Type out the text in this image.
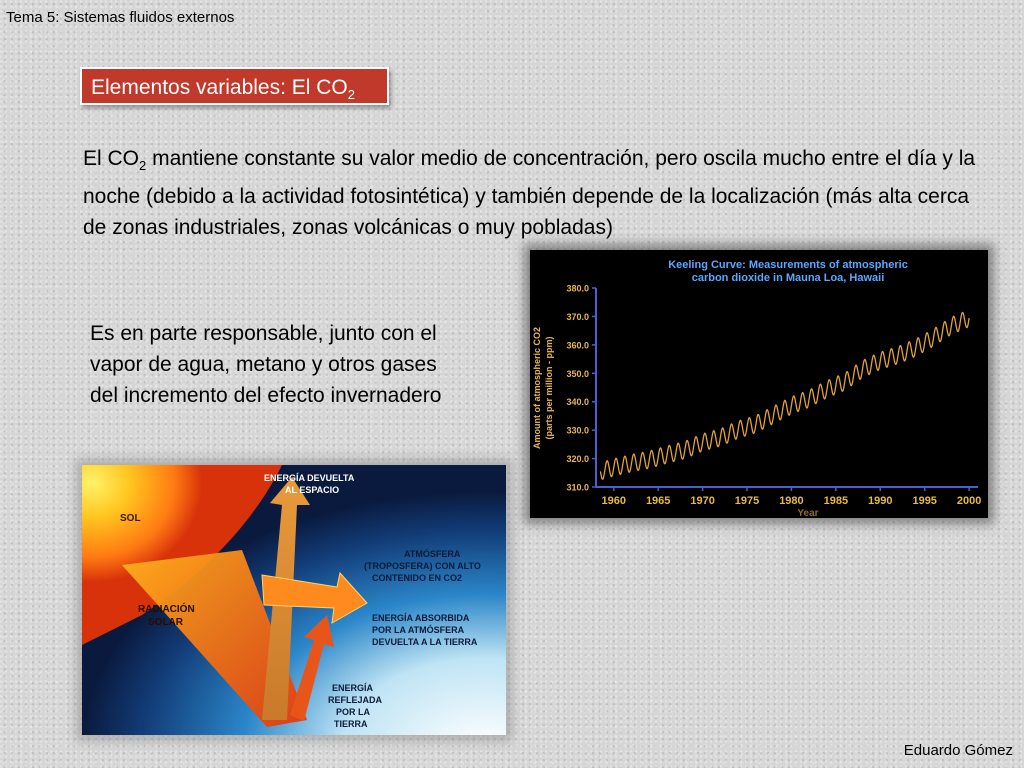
Tema 5: Sistemas fluidos externos
Elementos variables: El $CO_2$
El $CO_2$ mantiene constante su valor medio de concentración, pero oscila mucho entre el día y la noche (debido a la actividad fotosintética) y también depende de la localización (más alta cerca de zonas industriales, zonas volcánicas o muy pobladas)
Es en parte responsable, junto con el vapor de agua, metano y otros gases del incremento del efecto invernadero
Keeling Curve: Measurements of atmospheric
carbon dioxide in Mauna Loa, Hawaii
310.0
320.0
330.0
340.0
350.0
360.0
370.0
380.0
1960 1965 1970 1975 1980 1985 1990 1995 2000
Year
Amount of atmospheric CO2 (parts per million - ppm)
SOL
RADIACIÓN SOLAR
ENERGÍA DEVUELTA AL ESPACIO
ATMÓSFERA (TROPOSFERA) CON ALTO CONTENIDO EN CO2
ENERGÍA ABSORBIDA POR LA ATMÓSFERA DEVUELTA A LA TIERRA
ENERGÍA REFLEJADA POR LA TIERRA
Eduardo Gómez
